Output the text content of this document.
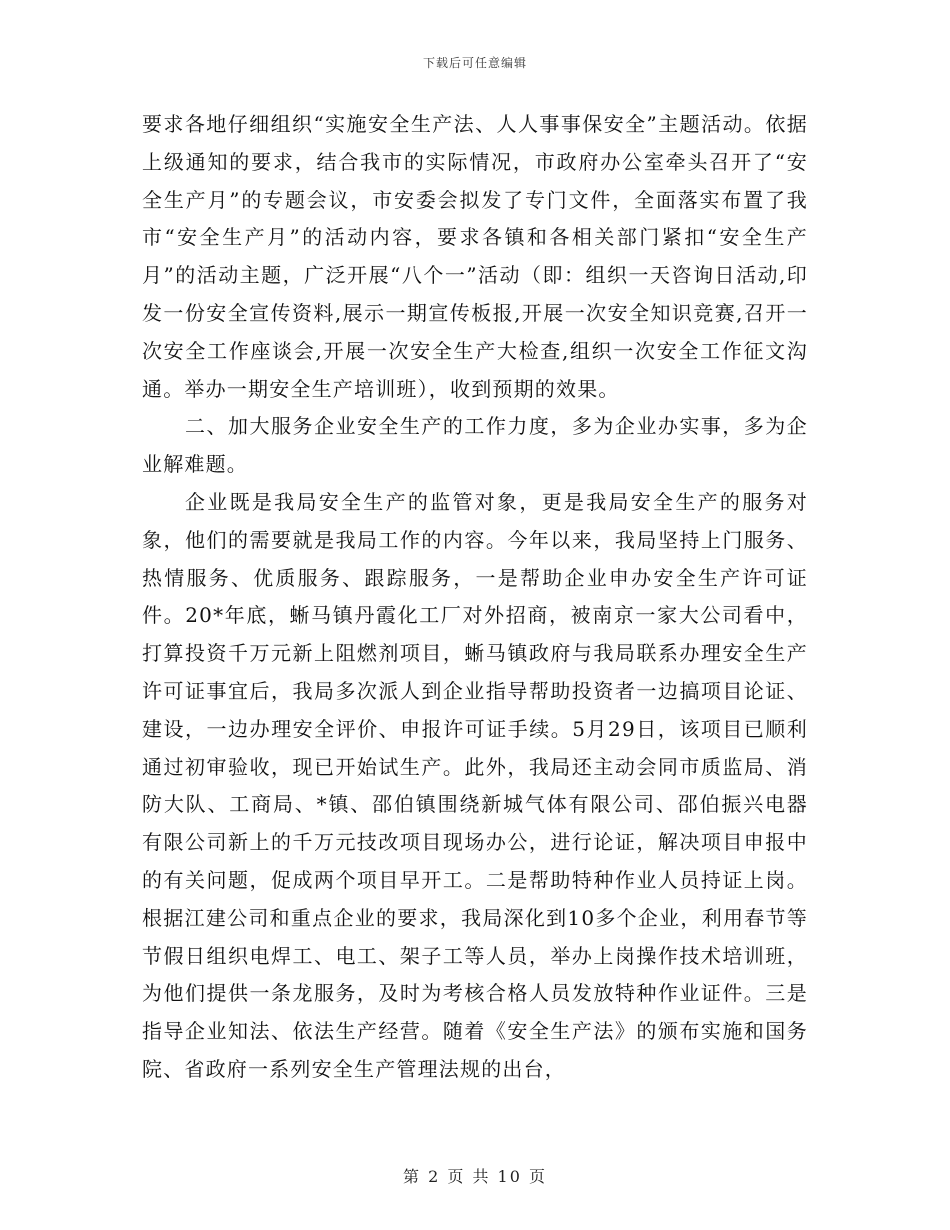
下载后可任意编辑

要求各地仔细组织“实施安全生产法、人人事事保安全”主题活动。依据上级通知的要求，结合我市的实际情况，市政府办公室牵头召开了“安全生产月”的专题会议，市安委会拟发了专门文件，全面落实布置了我市“安全生产月”的活动内容，要求各镇和各相关部门紧扣“安全生产月”的活动主题，广泛开展“八个一”活动（即：组织一天咨询日活动,印发一份安全宣传资料,展示一期宣传板报,开展一次安全知识竞赛,召开一次安全工作座谈会,开展一次安全生产大检查,组织一次安全工作征文沟通。举办一期安全生产培训班），收到预期的效果。

二、加大服务企业安全生产的工作力度，多为企业办实事，多为企业解难题。

企业既是我局安全生产的监管对象，更是我局安全生产的服务对象，他们的需要就是我局工作的内容。今年以来，我局坚持上门服务、热情服务、优质服务、跟踪服务，一是帮助企业申办安全生产许可证件。20*年底，蜥马镇丹霞化工厂对外招商，被南京一家大公司看中，打算投资千万元新上阻燃剂项目，蜥马镇政府与我局联系办理安全生产许可证事宜后，我局多次派人到企业指导帮助投资者一边搞项目论证、建设，一边办理安全评价、申报许可证手续。5月29日，该项目已顺利通过初审验收，现已开始试生产。此外，我局还主动会同市质监局、消防大队、工商局、*镇、邵伯镇围绕新城气体有限公司、邵伯振兴电器有限公司新上的千万元技改项目现场办公，进行论证，解决项目申报中的有关问题，促成两个项目早开工。二是帮助特种作业人员持证上岗。根据江建公司和重点企业的要求，我局深化到10多个企业，利用春节等节假日组织电焊工、电工、架子工等人员，举办上岗操作技术培训班，为他们提供一条龙服务，及时为考核合格人员发放特种作业证件。三是指导企业知法、依法生产经营。随着《安全生产法》的颁布实施和国务院、省政府一系列安全生产管理法规的出台，

第 2 页 共 10 页
